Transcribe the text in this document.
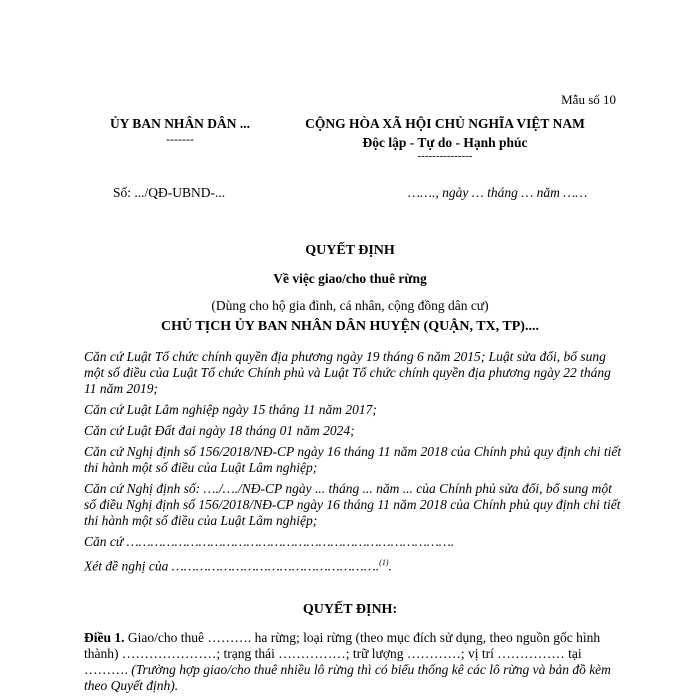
Mẫu số 10
ỦY BAN NHÂN DÂN ...
-------
CỘNG HÒA XÃ HỘI CHỦ NGHĨA VIỆT NAM
Độc lập - Tự do - Hạnh phúc
---------------
Số: .../QĐ-UBND-...	……., ngày … tháng … năm ……
QUYẾT ĐỊNH
Về việc giao/cho thuê rừng
(Dùng cho hộ gia đình, cá nhân, cộng đồng dân cư)
CHỦ TỊCH ỦY BAN NHÂN DÂN HUYỆN (QUẬN, TX, TP)....

Căn cứ Luật Tổ chức chính quyền địa phương ngày 19 tháng 6 năm 2015; Luật sửa đổi, bổ sung một số điều của Luật Tổ chức Chính phủ và Luật Tổ chức chính quyền địa phương ngày 22 tháng 11 năm 2019;

Căn cứ Luật Lâm nghiệp ngày 15 tháng 11 năm 2017;

Căn cứ Luật Đất đai ngày 18 tháng 01 năm 2024;

Căn cứ Nghị định số 156/2018/NĐ-CP ngày 16 tháng 11 năm 2018 của Chính phủ quy định chi tiết thi hành một số điều của Luật Lâm nghiệp;

Căn cứ Nghị định số: …./…./NĐ-CP ngày ... tháng ... năm ... của Chính phủ sửa đổi, bổ sung một số điều Nghị định số 156/2018/NĐ-CP ngày 16 tháng 11 năm 2018 của Chính phủ quy định chi tiết thi hành một số điều của Luật Lâm nghiệp;

Căn cứ ……………………………………………………………………….

Xét đề nghị của …………………………………………….$^{(1)}$.

QUYẾT ĐỊNH:
Điều 1. Giao/cho thuê ………. ha rừng; loại rừng (theo mục đích sử dụng, theo nguồn gốc hình thành) …………………; trạng thái ……………; trữ lượng …………; vị trí …………… tại ………. (Trường hợp giao/cho thuê nhiều lô rừng thì có biểu thống kê các lô rừng và bản đồ kèm theo Quyết định).
